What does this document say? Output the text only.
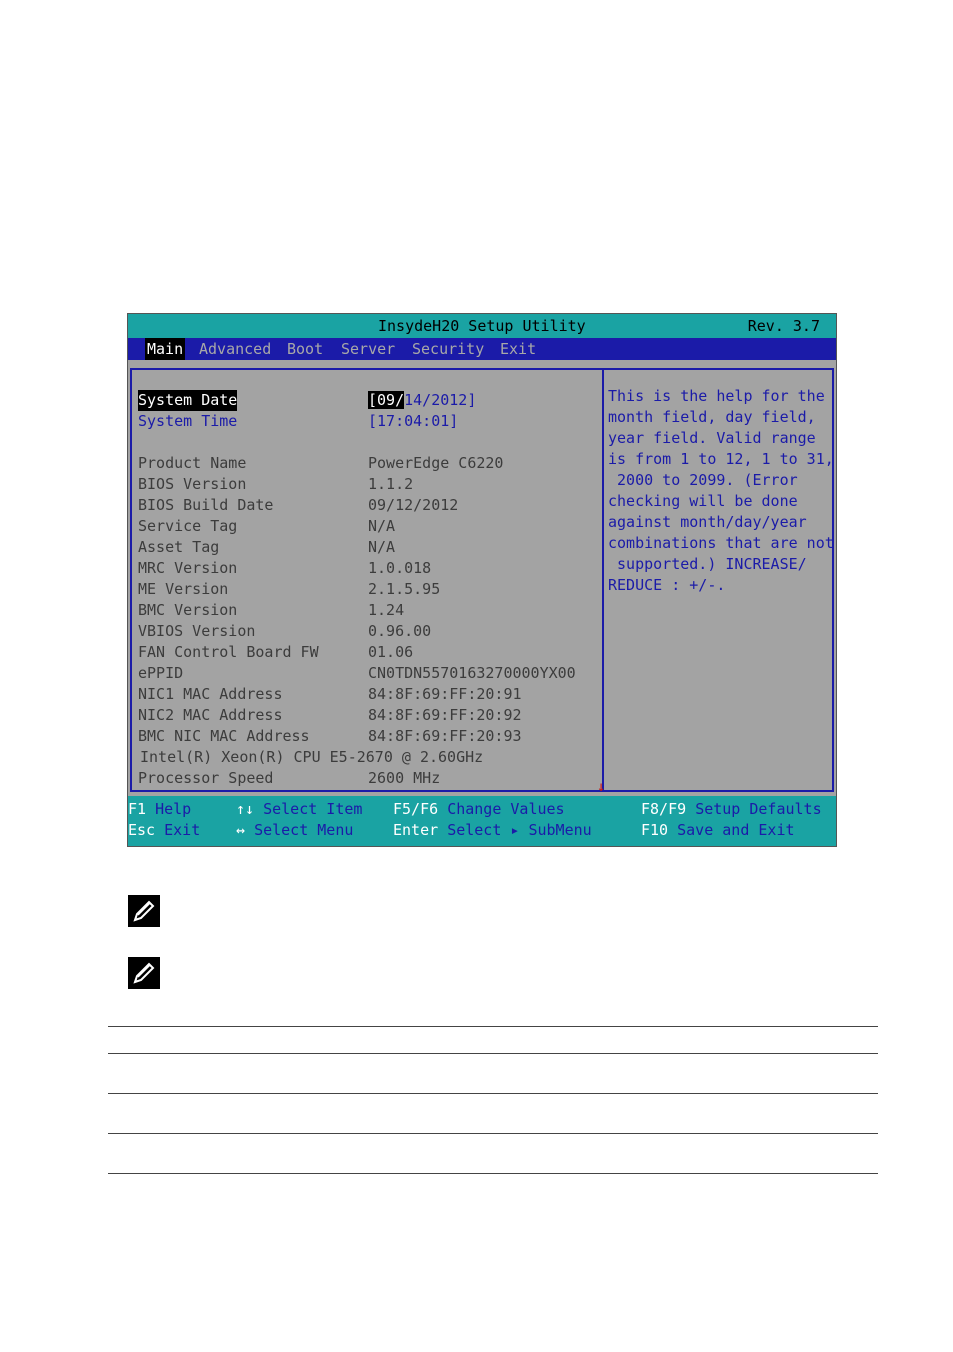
InsydeH20 Setup Utility	Rev. 3.7
Main Advanced Boot Server Security Exit
System Date	[09/14/2012]
System Time	[17:04:01]
Product Name	PowerEdge C6220
BIOS Version	1.1.2
BIOS Build Date	09/12/2012
Service Tag	N/A
Asset Tag	N/A
MRC Version	1.0.018
ME Version	2.1.5.95
BMC Version	1.24
VBIOS Version	0.96.00
FAN Control Board FW	01.06
ePPID	CN0TDN5570163270000YX00
NIC1 MAC Address	84:8F:69:FF:20:91
NIC2 MAC Address	84:8F:69:FF:20:92
BMC NIC MAC Address	84:8F:69:FF:20:93
Intel(R) Xeon(R) CPU E5-2670 @ 2.60GHz
Processor Speed	2600 MHz
This is the help for the
month field, day field,
year field. Valid range
is from 1 to 12, 1 to 31,
2000 to 2099. (Error
checking will be done
against month/day/year
combinations that are not
supported.) INCREASE/
REDUCE : +/-.
↓
F1 Help
Esc Exit
↑↓ Select Item
↔ Select Menu
F5/F6 Change Values
Enter Select ▸ SubMenu
F8/F9 Setup Defaults
F10 Save and Exit
